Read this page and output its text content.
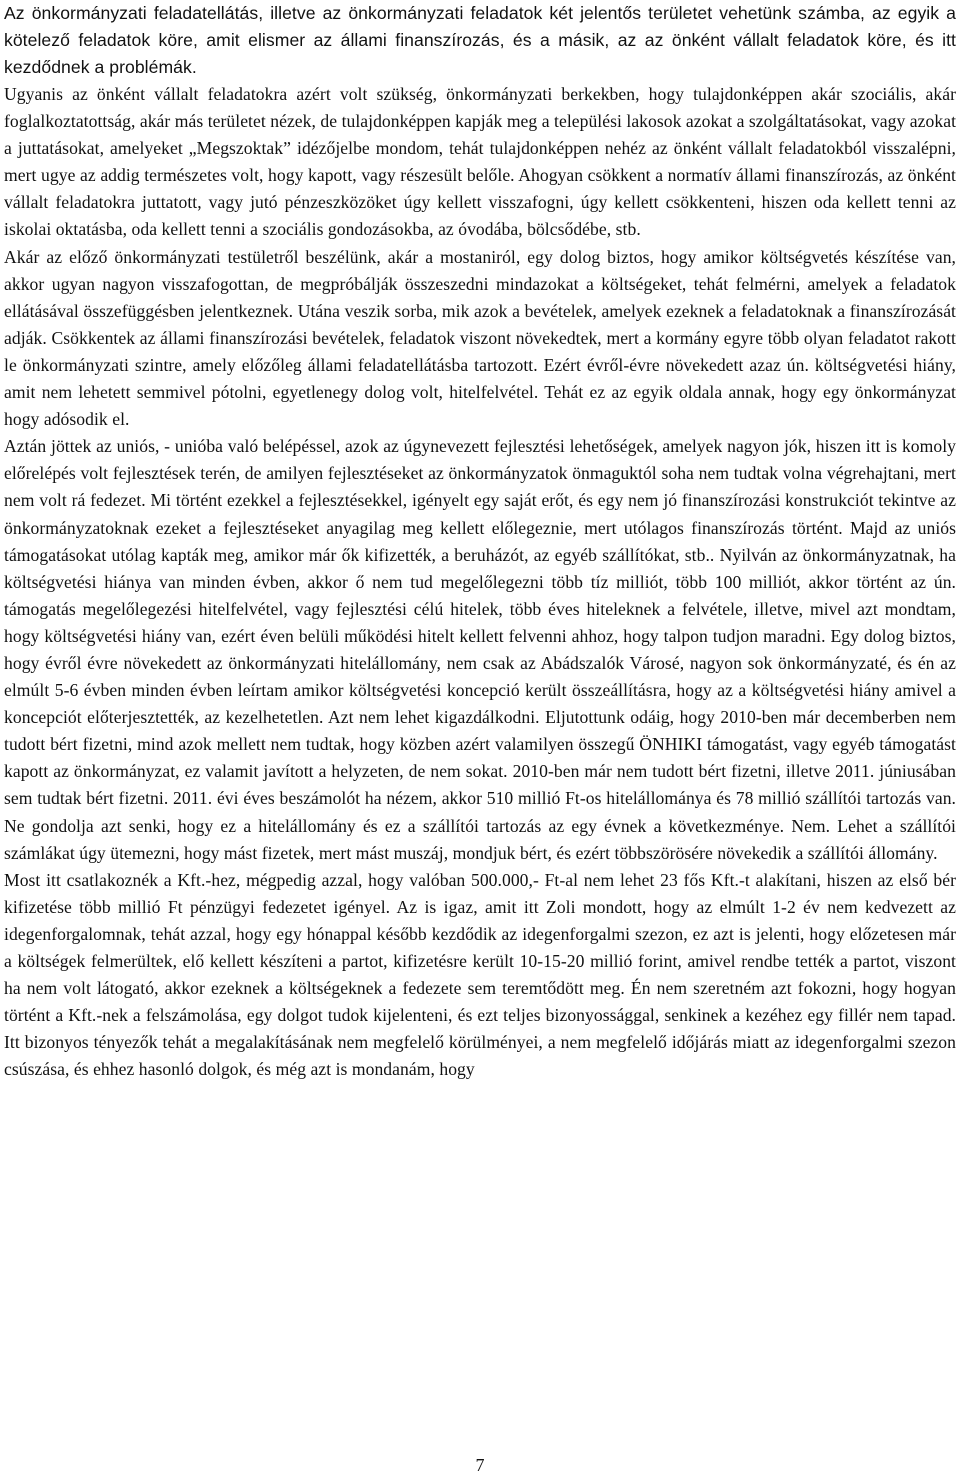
Az önkormányzati feladatellátás, illetve az önkormányzati feladatok két jelentős területet vehetünk számba, az egyik a kötelező feladatok köre, amit elismer az állami finanszírozás, és a másik, az az önként vállalt feladatok köre, és itt kezdődnek a problémák.

Ugyanis az önként vállalt feladatokra azért volt szükség, önkormányzati berkekben, hogy tulajdonképpen akár szociális, akár foglalkoztatottság, akár más területet nézek, de tulajdonképpen kapják meg a települési lakosok azokat a szolgáltatásokat, vagy azokat a juttatásokat, amelyeket „Megszoktak” idézőjelbe mondom, tehát tulajdonképpen nehéz az önként vállalt feladatokból visszalépni, mert ugye az addig természetes volt, hogy kapott, vagy részesült belőle. Ahogyan csökkent a normatív állami finanszírozás, az önként vállalt feladatokra juttatott, vagy jutó pénzeszközöket úgy kellett visszafogni, úgy kellett csökkenteni, hiszen oda kellett tenni az iskolai oktatásba, oda kellett tenni a szociális gondozásokba, az óvodába, bölcsődébe, stb.

Akár az előző önkormányzati testületről beszélünk, akár a mostaniról, egy dolog biztos, hogy amikor költségvetés készítése van, akkor ugyan nagyon visszafogottan, de megpróbálják összeszedni mindazokat a költségeket, tehát felmérni, amelyek a feladatok ellátásával összefüggésben jelentkeznek. Utána veszik sorba, mik azok a bevételek, amelyek ezeknek a feladatoknak a finanszírozását adják. Csökkentek az állami finanszírozási bevételek, feladatok viszont növekedtek, mert a kormány egyre több olyan feladatot rakott le önkormányzati szintre, amely előzőleg állami feladatellátásba tartozott. Ezért évről-évre növekedett azaz ún. költségvetési hiány, amit nem lehetett semmivel pótolni, egyetlenegy dolog volt, hitelfelvétel. Tehát ez az egyik oldala annak, hogy egy önkormányzat hogy adósodik el.

Aztán jöttek az uniós, - unióba való belépéssel, azok az úgynevezett fejlesztési lehetőségek, amelyek nagyon jók, hiszen itt is komoly előrelépés volt fejlesztések terén, de amilyen fejlesztéseket az önkormányzatok önmaguktól soha nem tudtak volna végrehajtani, mert nem volt rá fedezet. Mi történt ezekkel a fejlesztésekkel, igényelt egy saját erőt, és egy nem jó finanszírozási konstrukciót tekintve az önkormányzatoknak ezeket a fejlesztéseket anyagilag meg kellett előlegeznie, mert utólagos finanszírozás történt. Majd az uniós támogatásokat utólag kapták meg, amikor már ők kifizették, a beruházót, az egyéb szállítókat, stb.. Nyilván az önkormányzatnak, ha költségvetési hiánya van minden évben, akkor ő nem tud megelőlegezni több tíz milliót, több 100 milliót, akkor történt az ún. támogatás megelőlegezési hitelfelvétel, vagy fejlesztési célú hitelek, több éves hiteleknek a felvétele, illetve, mivel azt mondtam, hogy költségvetési hiány van, ezért éven belüli működési hitelt kellett felvenni ahhoz, hogy talpon tudjon maradni. Egy dolog biztos, hogy évről évre növekedett az önkormányzati hitelállomány, nem csak az Abádszalók Városé, nagyon sok önkormányzaté, és én az elmúlt 5-6 évben minden évben leírtam amikor költségvetési koncepció került összeállításra, hogy az a költségvetési hiány amivel a koncepciót előterjesztették, az kezelhetetlen. Azt nem lehet kigazdálkodni. Eljutottunk odáig, hogy 2010-ben már decemberben nem tudott bért fizetni, mind azok mellett nem tudtak, hogy közben azért valamilyen összegű ÖNHIKI támogatást, vagy egyéb támogatást kapott az önkormányzat, ez valamit javított a helyzeten, de nem sokat. 2010-ben már nem tudott bért fizetni, illetve 2011. júniusában sem tudtak bért fizetni. 2011. évi éves beszámolót ha nézem, akkor 510 millió Ft-os hitelállománya és 78 millió szállítói tartozás van. Ne gondolja azt senki, hogy ez a hitelállomány és ez a szállítói tartozás az egy évnek a következménye. Nem. Lehet a szállítói számlákat úgy ütemezni, hogy mást fizetek, mert mást muszáj, mondjuk bért, és ezért többszörösére növekedik a szállítói állomány.

Most itt csatlakoznék a Kft.-hez, mégpedig azzal, hogy valóban 500.000,- Ft-al nem lehet 23 fős Kft.-t alakítani, hiszen az első bér kifizetése több millió Ft pénzügyi fedezetet igényel. Az is igaz, amit itt Zoli mondott, hogy az elmúlt 1-2 év nem kedvezett az idegenforgalomnak, tehát azzal, hogy egy hónappal később kezdődik az idegenforgalmi szezon, ez azt is jelenti, hogy előzetesen már a költségek felmerültek, elő kellett készíteni a partot, kifizetésre került 10-15-20 millió forint, amivel rendbe tették a partot, viszont ha nem volt látogató, akkor ezeknek a költségeknek a fedezete sem teremtődött meg. Én nem szeretném azt fokozni, hogy hogyan történt a Kft.-nek a felszámolása, egy dolgot tudok kijelenteni, és ezt teljes bizonyossággal, senkinek a kezéhez egy fillér nem tapad. Itt bizonyos tényezők tehát a megalakításának nem megfelelő körülményei, a nem megfelelő időjárás miatt az idegenforgalmi szezon csúszása, és ehhez hasonló dolgok, és még azt is mondanám, hogy

7
